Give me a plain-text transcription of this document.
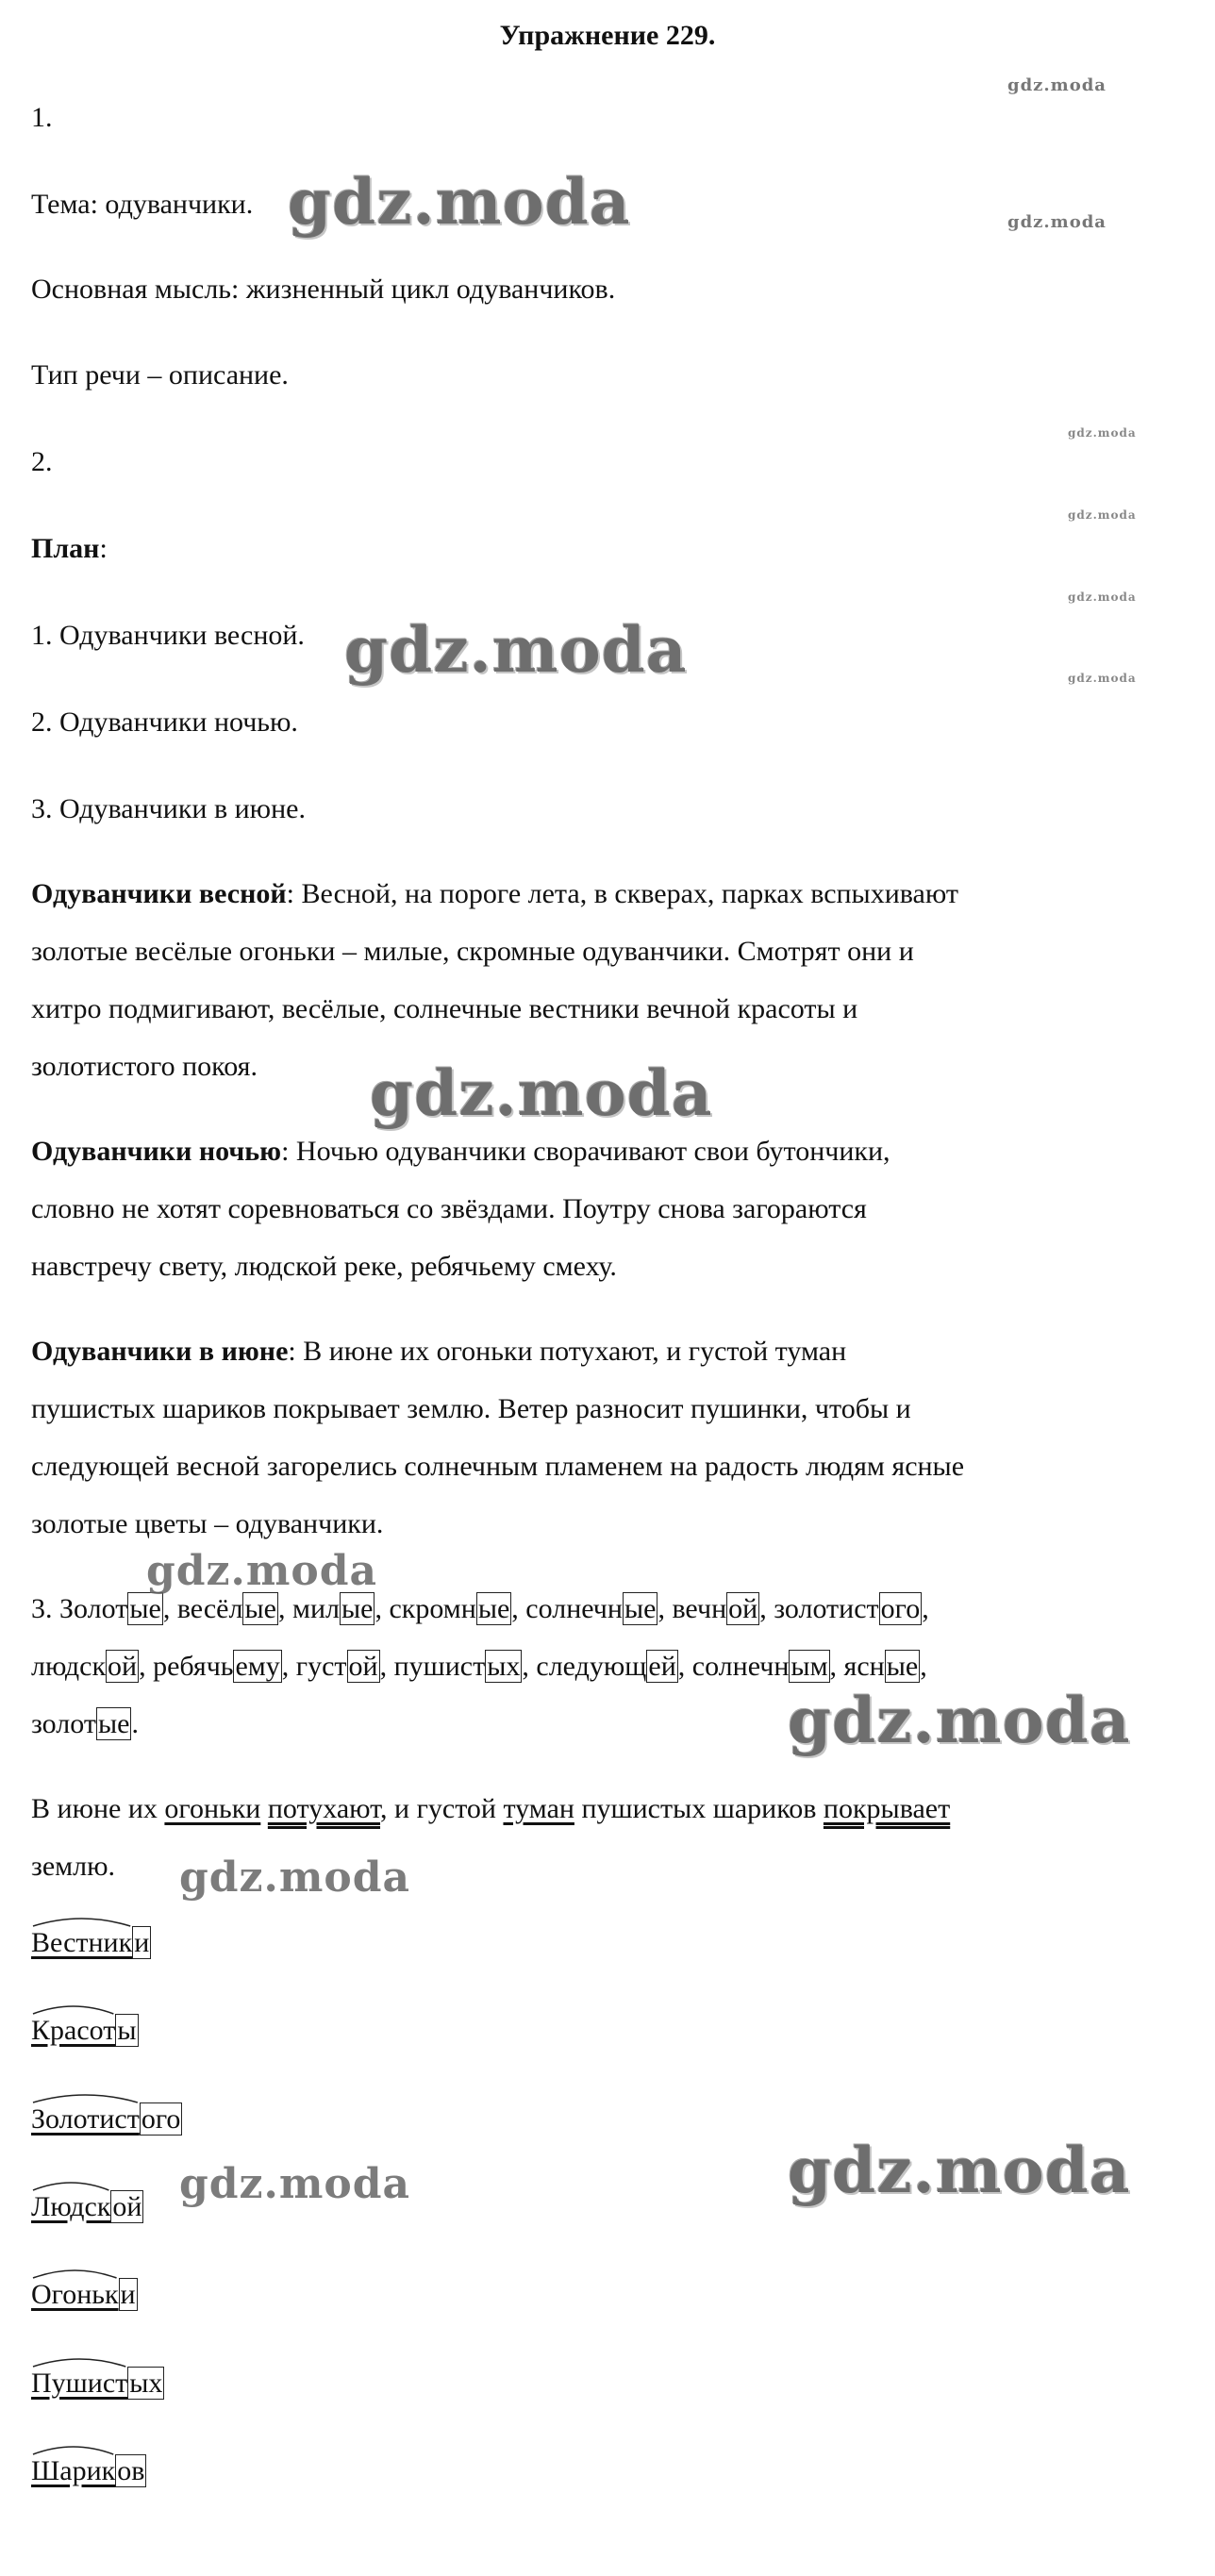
Упражнение 229.
1.
Тема: одуванчики.
Основная мысль: жизненный цикл одуванчиков.
Тип речи – описание.
2.
План:
1. Одуванчики весной.
2. Одуванчики ночью.
3. Одуванчики в июне.
Одуванчики весной: Весной, на пороге лета, в скверах, парках вспыхивают
золотые весёлые огоньки – милые, скромные одуванчики. Смотрят они и
хитро подмигивают, весёлые, солнечные вестники вечной красоты и
золотистого покоя.
Одуванчики ночью: Ночью одуванчики сворачивают свои бутончики,
словно не хотят соревноваться со звёздами. Поутру снова загораются
навстречу свету, людской реке, ребячьему смеху.
Одуванчики в июне: В июне их огоньки потухают, и густой туман
пушистых шариков покрывает землю. Ветер разносит пушинки, чтобы и
следующей весной загорелись солнечным пламенем на радость людям ясные
золотые цветы – одуванчики.
3. Золотые, весёлые, милые, скромные, солнечные, вечной, золотистого,
людской, ребячьему, густой, пушистых, следующей, солнечным, ясные,
золотые.
В июне их огоньки потухают, и густой туман пушистых шариков покрывает
землю.
Вестник
и
Красот
ы
Золотист
ого
Людск
ой
Огоньк
и
Пушист
ых
Шарик
ов
gdz.moda
gdz.moda
gdz.moda
gdz.moda
gdz.moda
gdz.moda
gdz.moda
gdz.moda
gdz.moda
gdz.moda
gdz.moda
gdz.moda
gdz.moda
gdz.moda
